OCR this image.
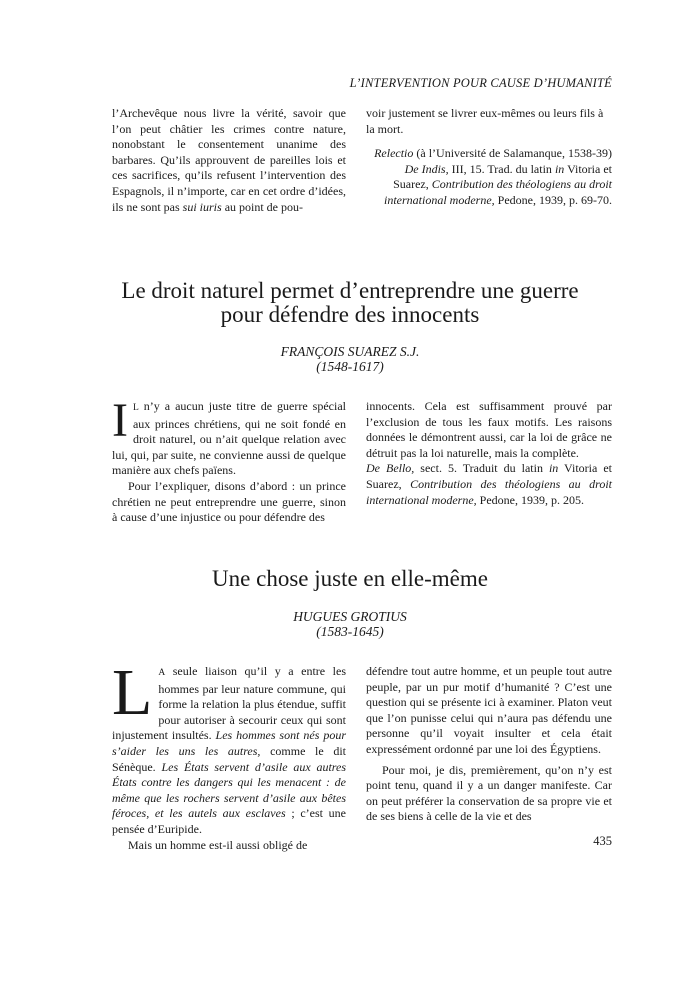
L’INTERVENTION POUR CAUSE D’HUMANITÉ

l’Archevêque nous livre la vérité, savoir que l’on peut châtier les crimes contre nature, nonobstant le consentement unanime des barbares. Qu’ils approuvent de pareilles lois et ces sacrifices, qu’ils refusent l’intervention des Espagnols, il n’importe, car en cet ordre d’idées, ils ne sont pas sui iuris au point de pou-

voir justement se livrer eux-mêmes ou leurs fils à la mort.

Relectio (à l’Université de Salamanque, 1538-39) De Indis, III, 15. Trad. du latin in Vitoria et Suarez, Contribution des théologiens au droit international moderne, Pedone, 1939, p. 69-70.

Le droit naturel permet d’entreprendre une guerre
pour défendre des innocents
FRANÇOIS SUAREZ S.J.
(1548-1617)

IL n’y a aucun juste titre de guerre spécial aux princes chrétiens, qui ne soit fondé en droit naturel, ou n’ait quelque relation avec lui, qui, par suite, ne convienne aussi de quelque manière aux chefs païens.

Pour l’expliquer, disons d’abord : un prince chrétien ne peut entreprendre une guerre, sinon à cause d’une injustice ou pour défendre des

innocents. Cela est suffisamment prouvé par l’exclusion de tous les faux motifs. Les raisons données le démontrent aussi, car la loi de grâce ne détruit pas la loi naturelle, mais la complète.

De Bello, sect. 5. Traduit du latin in Vitoria et Suarez, Contribution des théologiens au droit international moderne, Pedone, 1939, p. 205.

Une chose juste en elle-même
HUGUES GROTIUS
(1583-1645)

LA seule liaison qu’il y a entre les hommes par leur nature commune, qui forme la relation la plus étendue, suffit pour autoriser à secourir ceux qui sont injustement insultés. Les hommes sont nés pour s’aider les uns les autres, comme le dit Sénèque. Les États servent d’asile aux autres États contre les dangers qui les menacent : de même que les rochers servent d’asile aux bêtes féroces, et les autels aux esclaves ; c’est une pensée d’Euripide.

Mais un homme est-il aussi obligé de

défendre tout autre homme, et un peuple tout autre peuple, par un pur motif d’humanité ? C’est une question qui se présente ici à examiner. Platon veut que l’on punisse celui qui n’aura pas défendu une personne qu’il voyait insulter et cela était expressément ordonné par une loi des Égyptiens.

Pour moi, je dis, premièrement, qu’on n’y est point tenu, quand il y a un danger manifeste. Car on peut préférer la conservation de sa propre vie et de ses biens à celle de la vie et des

435
